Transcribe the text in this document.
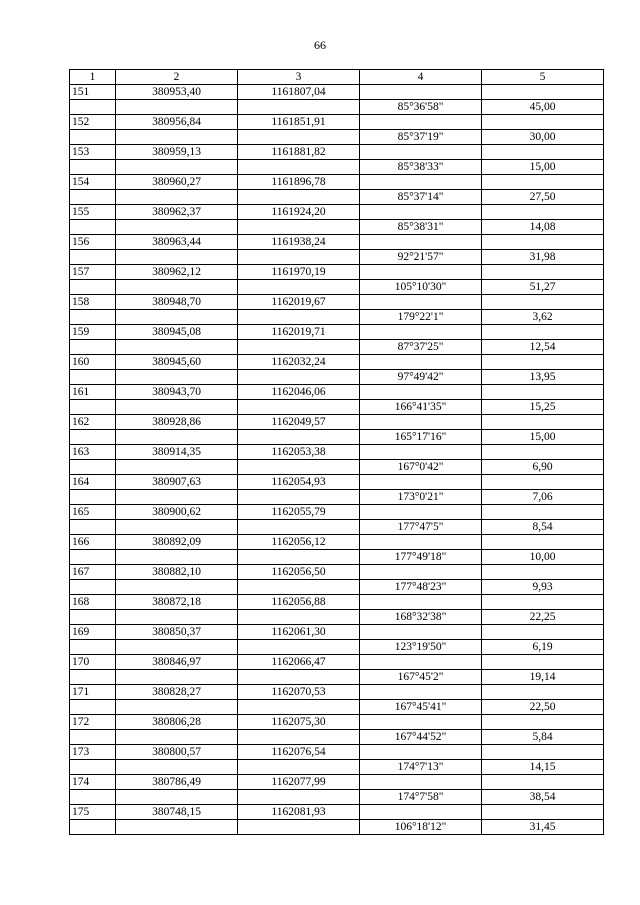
66
1	2	3	4	5
151	380953,40	1161807,04		
			85°36'58"	45,00
152	380956,84	1161851,91		
			85°37'19"	30,00
153	380959,13	1161881,82		
			85°38'33"	15,00
154	380960,27	1161896,78		
			85°37'14"	27,50
155	380962,37	1161924,20		
			85°38'31"	14,08
156	380963,44	1161938,24		
			92°21'57"	31,98
157	380962,12	1161970,19		
			105°10'30"	51,27
158	380948,70	1162019,67		
			179°22'1"	3,62
159	380945,08	1162019,71		
			87°37'25"	12,54
160	380945,60	1162032,24		
			97°49'42"	13,95
161	380943,70	1162046,06		
			166°41'35"	15,25
162	380928,86	1162049,57		
			165°17'16"	15,00
163	380914,35	1162053,38		
			167°0'42"	6,90
164	380907,63	1162054,93		
			173°0'21"	7,06
165	380900,62	1162055,79		
			177°47'5"	8,54
166	380892,09	1162056,12		
			177°49'18"	10,00
167	380882,10	1162056,50		
			177°48'23"	9,93
168	380872,18	1162056,88		
			168°32'38"	22,25
169	380850,37	1162061,30		
			123°19'50"	6,19
170	380846,97	1162066,47		
			167°45'2"	19,14
171	380828,27	1162070,53		
			167°45'41"	22,50
172	380806,28	1162075,30		
			167°44'52"	5,84
173	380800,57	1162076,54		
			174°7'13"	14,15
174	380786,49	1162077,99		
			174°7'58"	38,54
175	380748,15	1162081,93		
			106°18'12"	31,45
